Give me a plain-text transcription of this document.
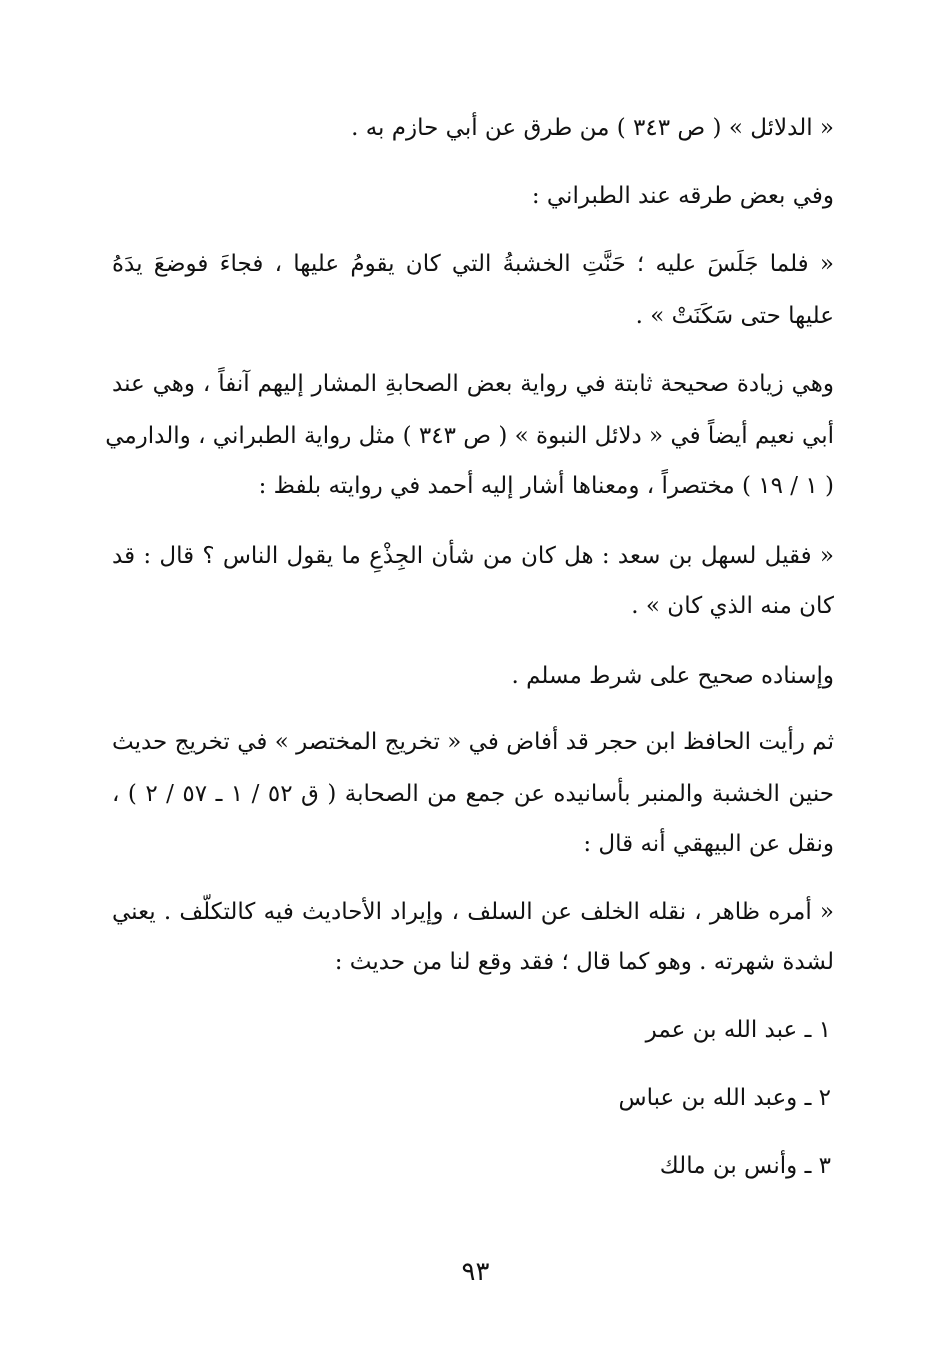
« الدلائل » ( ص ٣٤٣ ) من طرق عن أبي حازم به .
وفي بعض طرقه عند الطبراني :
« فلما جَلَسَ عليه ؛ حَنَّتِ الخشبةُ التي كان يقومُ عليها ، فجاءَ فوضعَ يدَهُ
عليها حتى سَكَنَتْ » .
وهي زيادة صحيحة ثابتة في رواية بعض الصحابةِ المشار إليهم آنفاً ، وهي عند
أبي نعيم أيضاً في « دلائل النبوة » ( ص ٣٤٣ ) مثل رواية الطبراني ، والدارمي
( ١ / ١٩ ) مختصراً ، ومعناها أشار إليه أحمد في روايته بلفظ :
« فقيل لسهل بن سعد : هل كان من شأن الجِذْعِ ما يقول الناس ؟ قال : قد
كان منه الذي كان » .
وإسناده صحيح على شرط مسلم .
ثم رأيت الحافظ ابن حجر قد أفاض في « تخريج المختصر » في تخريج حديث
حنين الخشبة والمنبر بأسانيده عن جمع من الصحابة ( ق ٥٢ / ١ ـ ٥٧ / ٢ ) ،
ونقل عن البيهقي أنه قال :
« أمره ظاهر ، نقله الخلف عن السلف ، وإيراد الأحاديث فيه كالتكلّف . يعني
لشدة شهرته . وهو كما قال ؛ فقد وقع لنا من حديث :
١ ـ عبد الله بن عمر
٢ ـ وعبد الله بن عباس
٣ ـ وأنس بن مالك
٩٣
